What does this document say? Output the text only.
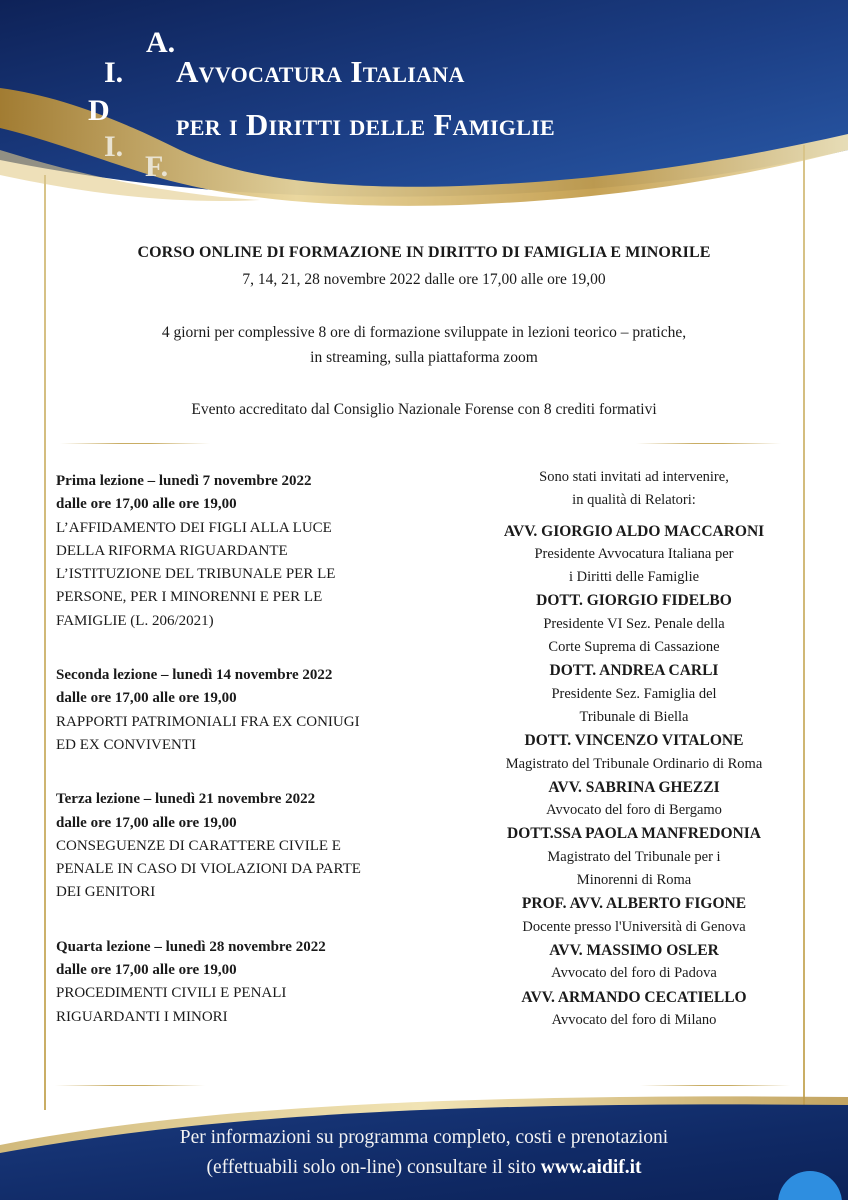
A.
I.
D
I.
F.
Avvocatura Italiana
per i Diritti delle Famiglie
CORSO ONLINE DI FORMAZIONE IN DIRITTO DI FAMIGLIA E MINORILE
7, 14, 21, 28 novembre 2022 dalle ore 17,00 alle ore 19,00
4 giorni per complessive 8 ore di formazione sviluppate in lezioni teorico – pratiche,
in streaming, sulla piattaforma zoom
Evento accreditato dal Consiglio Nazionale Forense con 8 crediti formativi
Prima lezione – lunedì 7 novembre 2022
dalle ore 17,00 alle ore 19,00
L’AFFIDAMENTO DEI FIGLI ALLA LUCE
DELLA RIFORMA RIGUARDANTE
L’ISTITUZIONE DEL TRIBUNALE PER LE
PERSONE, PER I MINORENNI E PER LE
FAMIGLIE (L. 206/2021)
Seconda lezione – lunedì 14 novembre 2022
dalle ore 17,00 alle ore 19,00
RAPPORTI PATRIMONIALI FRA EX CONIUGI
ED EX CONVIVENTI
Terza lezione – lunedì 21 novembre 2022
dalle ore 17,00 alle ore 19,00
CONSEGUENZE DI CARATTERE CIVILE E
PENALE IN CASO DI VIOLAZIONI DA PARTE
DEI GENITORI
Quarta lezione – lunedì 28 novembre 2022
dalle ore 17,00 alle ore 19,00
PROCEDIMENTI CIVILI E PENALI
RIGUARDANTI I MINORI
Sono stati invitati ad intervenire,
in qualità di Relatori:
AVV. GIORGIO ALDO MACCARONI
Presidente Avvocatura Italiana per
i Diritti delle Famiglie
DOTT. GIORGIO FIDELBO
Presidente VI Sez. Penale della
Corte Suprema di Cassazione
DOTT. ANDREA CARLI
Presidente Sez. Famiglia del
Tribunale di Biella
DOTT. VINCENZO VITALONE
Magistrato del Tribunale Ordinario di Roma
AVV. SABRINA GHEZZI
Avvocato del foro di Bergamo
DOTT.SSA PAOLA MANFREDONIA
Magistrato del Tribunale per i
Minorenni di Roma
PROF. AVV. ALBERTO FIGONE
Docente presso l'Università di Genova
AVV. MASSIMO OSLER
Avvocato del foro di Padova
AVV. ARMANDO CECATIELLO
Avvocato del foro di Milano
Per informazioni su programma completo, costi e prenotazioni
(effettuabili solo on-line) consultare il sito www.aidif.it
